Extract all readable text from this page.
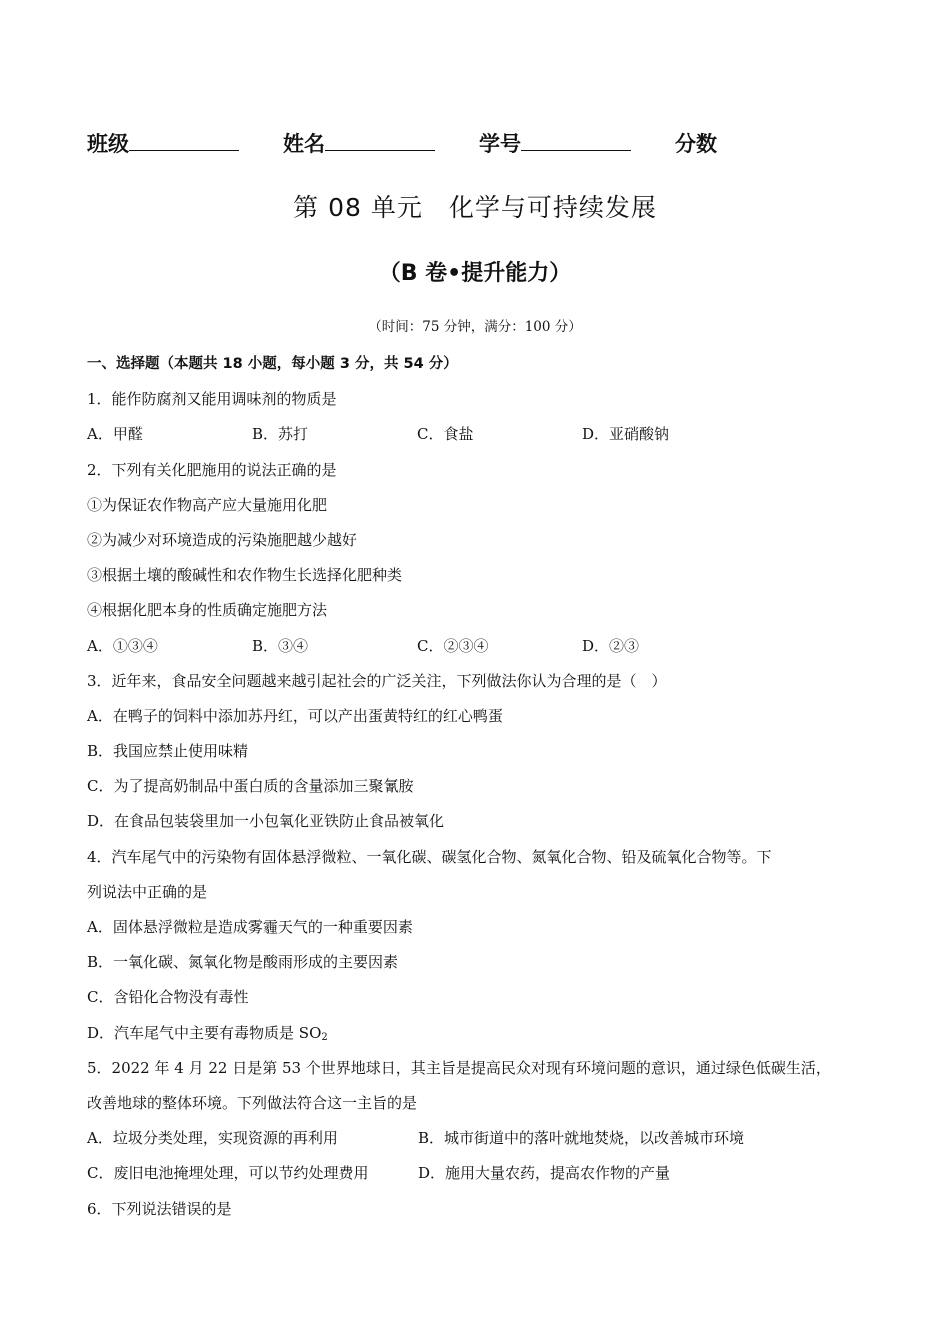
班级	姓名	学号	分数
第 08 单元　化学与可持续发展
（B 卷•提升能力）
（时间：75 分钟，满分：100 分）
一、选择题（本题共 18 小题，每小题 3 分，共 54 分）
1．能作防腐剂又能用调味剂的物质是
A．甲醛	B．苏打	C．食盐	D．亚硝酸钠
2．下列有关化肥施用的说法正确的是
①为保证农作物高产应大量施用化肥
②为减少对环境造成的污染施肥越少越好
③根据土壤的酸碱性和农作物生长选择化肥种类
④根据化肥本身的性质确定施肥方法
A．①③④	B．③④	C．②③④	D．②③
3．近年来，食品安全问题越来越引起社会的广泛关注，下列做法你认为合理的是（　）
A．在鸭子的饲料中添加苏丹红，可以产出蛋黄特红的红心鸭蛋
B．我国应禁止使用味精
C．为了提高奶制品中蛋白质的含量添加三聚氰胺
D．在食品包装袋里加一小包氧化亚铁防止食品被氧化
4．汽车尾气中的污染物有固体悬浮微粒、一氧化碳、碳氢化合物、氮氧化合物、铅及硫氧化合物等。下
列说法中正确的是
A．固体悬浮微粒是造成雾霾天气的一种重要因素
B．一氧化碳、氮氧化物是酸雨形成的主要因素
C．含铅化合物没有毒性
D．汽车尾气中主要有毒物质是 $SO_2$
5．2022 年 4 月 22 日是第 53 个世界地球日，其主旨是提高民众对现有环境问题的意识，通过绿色低碳生活，
改善地球的整体环境。下列做法符合这一主旨的是
A．垃圾分类处理，实现资源的再利用	B．城市街道中的落叶就地焚烧，以改善城市环境
C．废旧电池掩埋处理，可以节约处理费用	D．施用大量农药，提高农作物的产量
6．下列说法错误的是
